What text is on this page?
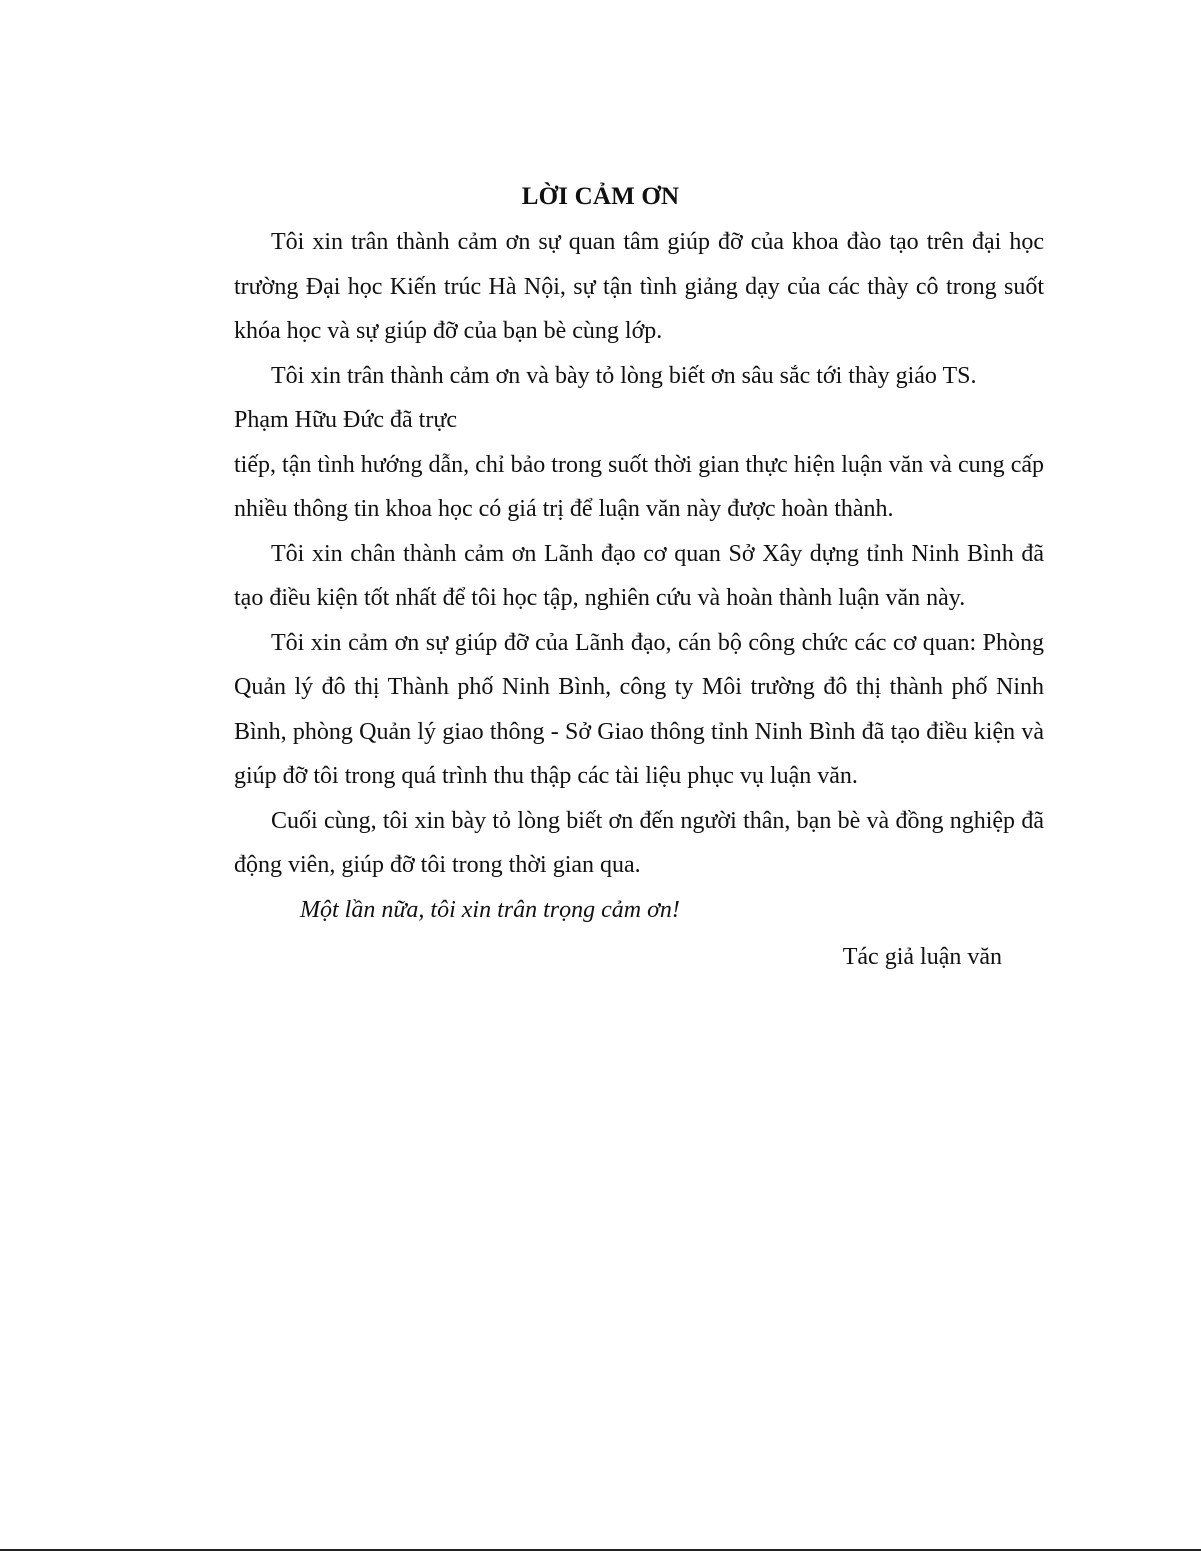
LỜI CẢM ƠN

Tôi xin trân thành cảm ơn sự quan tâm giúp đỡ của khoa đào tạo trên đại học trường Đại học Kiến trúc Hà Nội, sự tận tình giảng dạy của các thày cô trong suốt khóa học và sự giúp đỡ của bạn bè cùng lớp.

Tôi xin trân thành cảm ơn và bày tỏ lòng biết ơn sâu sắc tới thày giáo TS.

Phạm Hữu Đức đã trực

tiếp, tận tình hướng dẫn, chỉ bảo trong suốt thời gian thực hiện luận văn và cung cấp nhiều thông tin khoa học có giá trị để luận văn này được hoàn thành.

Tôi xin chân thành cảm ơn Lãnh đạo cơ quan Sở Xây dựng tỉnh Ninh Bình đã tạo điều kiện tốt nhất để tôi học tập, nghiên cứu và hoàn thành luận văn này.

Tôi xin cảm ơn sự giúp đỡ của Lãnh đạo, cán bộ công chức các cơ quan: Phòng Quản lý đô thị Thành phố Ninh Bình, công ty Môi trường đô thị thành phố Ninh Bình, phòng Quản lý giao thông - Sở Giao thông tỉnh Ninh Bình đã tạo điều kiện và giúp đỡ tôi trong quá trình thu thập các tài liệu phục vụ luận văn.

Cuối cùng, tôi xin bày tỏ lòng biết ơn đến người thân, bạn bè và đồng nghiệp đã động viên, giúp đỡ tôi trong thời gian qua.

Một lần nữa, tôi xin trân trọng cảm ơn!

Tác giả luận văn
